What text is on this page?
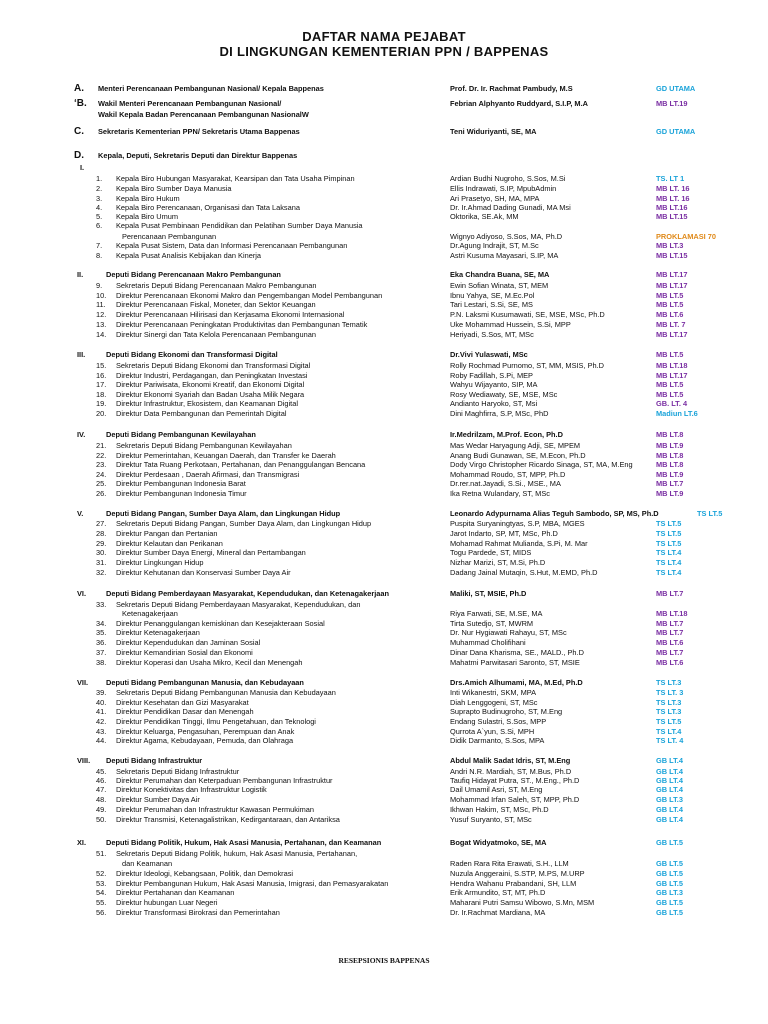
DAFTAR NAMA PEJABAT
DI LINGKUNGAN KEMENTERIAN PPN / BAPPENAS
A. Menteri Perencanaan Pembangunan Nasional/ Kepala Bappenas	Prof. Dr. Ir. Rachmat Pambudy, M.S	GD UTAMA
‘B. Wakil Menteri Perencanaan Pembangunan Nasional/	Febrian Alphyanto Ruddyard, S.I.P, M.A	MB LT.19
Wakil Kepala Badan Perencanaan Pembangunan NasionalW
C. Sekretaris Kementerian PPN/ Sekretaris Utama Bappenas	Teni Widuriyanti, SE, MA	GD UTAMA
D. Kepala, Deputi, Sekretaris Deputi dan Direktur Bappenas
I.
1. Kepala Biro Hubungan Masyarakat, Kearsipan dan Tata Usaha Pimpinan	Ardian Budhi Nugroho, S.Sos, M.Si	TS. LT 1
2. Kepala Biro Sumber Daya Manusia	Ellis Indrawati, S.IP, MpubAdmin	MB LT. 16
3. Kepala Biro Hukum	Ari Prasetyo, SH, MA, MPA	MB LT. 16
4. Kepala Biro Perencanaan, Organisasi dan Tata Laksana	Dr. Ir.Ahmad Dading Gunadi, MA Msi	MB LT.16
5. Kepala Biro Umum	Oktorika, SE.Ak, MM	MB LT.15
6. Kepala Pusat Pembinaan Pendidikan dan Pelatihan Sumber Daya Manusia
Perencanaan Pembangunan	Wignyo Adiyoso, S.Sos, MA, Ph.D	PROKLAMASI 70
7. Kepala Pusat Sistem, Data dan Informasi Perencanaan Pembangunan	Dr.Agung Indrajit, ST, M.Sc	MB LT.3
8. Kepala Pusat Analisis Kebijakan dan Kinerja	Astri Kusuma Mayasari, S.IP, MA	MB LT.15
II.	Deputi Bidang Perencanaan Makro Pembangunan	Eka Chandra Buana, SE, MA	MB LT.17
9. Sekretaris Deputi Bidang Perencanaan Makro Pembangunan	Ewin Sofian Winata, ST, MEM	MB LT.17
10. Direktur Perencanaan Ekonomi Makro dan Pengembangan Model Pembangunan	Ibnu Yahya, SE, M.Ec.Pol	MB LT.5
11. Direktur Perencanaan Fiskal, Moneter, dan Sektor Keuangan	Tari Lestari, S.Si, SE, MS	MB LT.5
12. Direktur Perencanaan Hilirisasi dan Kerjasama Ekonomi Internasional	P.N. Laksmi Kusumawati, SE, MSE, MSc, Ph.D	MB LT.6
13. Direktur Perencanaan Peningkatan Produktivitas dan Pembangunan Tematik	Uke Mohammad Hussein, S.Si, MPP	MB LT. 7
14. Direktur Sinergi dan Tata Kelola Perencanaan Pembangunan	Heriyadi, S.Sos, MT, MSc	MB LT.17
III.	Deputi Bidang Ekonomi dan Transformasi Digital	Dr.Vivi Yulaswati, MSc	MB LT.5
15. Sekretaris Deputi Bidang Ekonomi dan Transformasi Digital	Rolly Rochmad Purnomo, ST, MM, MSIS, Ph.D	MB LT.18
16. Direktur Industri, Perdagangan, dan Peningkatan Investasi	Roby Fadillah, S.Pi, MEP	MB LT.17
17. Direktur Pariwisata, Ekonomi Kreatif, dan Ekonomi Digital	Wahyu Wijayanto, SIP, MA	MB LT.5
18. Direktur Ekonomi Syariah dan Badan Usaha Milik Negara	Rosy Wediawaty, SE, MSE, MSc	MB LT.5
19. Direktur Infrastruktur, Ekosistem, dan Keamanan Digital	Andianto Haryoko, ST, Msi	GB. LT. 4
20. Direktur Data Pembangunan dan Pemerintah Digital	Dini Maghfirra, S.P, MSc, PhD	Madiun LT.6
IV.	Deputi Bidang Pembangunan Kewilayahan	Ir.Medrilzam, M.Prof. Econ, Ph.D	MB LT.8
21. Sekretaris Deputi Bidang Pembangunan Kewilayahan	Mas Wedar Haryagung Adji, SE, MPEM	MB LT.9
22. Direktur Pemerintahan, Keuangan Daerah, dan Transfer ke Daerah	Anang Budi Gunawan, SE, M.Econ, Ph.D	MB LT.8
23. Direktur Tata Ruang Perkotaan, Pertahanan, dan Penanggulangan Bencana	Dody Virgo Christopher Ricardo Sinaga, ST, MA, M.Eng	MB LT.8
24. Direktur Perdesaan , Daerah Afirmasi, dan Transmigrasi	Mohammad Roudo, ST, MPP, Ph.D	MB LT.9
25. Direktur Pembangunan Indonesia Barat	Dr.rer.nat.Jayadi, S.Si., MSE., MA	MB LT.7
26. Direktur Pembangunan Indonesia Timur	Ika Retna Wulandary, ST, MSc	MB LT.9
V.	Deputi Bidang Pangan, Sumber Daya Alam, dan Lingkungan Hidup	Leonardo Adypurnama Alias Teguh Sambodo, SP, MS, Ph.D	TS LT.5
27. Sekretaris Deputi Bidang Pangan, Sumber Daya Alam, dan Lingkungan Hidup	Puspita Suryaningtyas, S.P, MBA, MGES	TS LT.5
28. Direktur Pangan dan Pertanian	Jarot Indarto, SP, MT, MSc, Ph.D	TS LT.5
29. Direktur Kelautan dan Perikanan	Mohamad Rahmat Mulianda, S.Pi, M. Mar	TS LT.5
30. Direktur Sumber Daya Energi, Mineral dan Pertambangan	Togu Pardede, ST, MIDS	TS LT.4
31. Direktur Lingkungan Hidup	Nizhar Marizi, ST, M.Si, Ph.D	TS LT.4
32. Direktur Kehutanan dan Konservasi Sumber Daya Air	Dadang Jainal Mutaqin, S.Hut, M.EMD, Ph.D	TS LT.4
VI.	Deputi Bidang Pemberdayaan Masyarakat, Kependudukan, dan Ketenagakerjaan	Maliki, ST, MSIE, Ph.D	MB LT.7
33. Sekretaris Deputi Bidang Pemberdayaan Masyarakat, Kependudukan, dan
Ketenagakerjaan	Riya Farwati, SE, M.SE, MA	MB LT.18
34. Direktur Penanggulangan kemiskinan dan Kesejakteraan Sosial	Tirta Sutedjo, ST, MWRM	MB LT.7
35. Direktur Ketenagakerjaan	Dr. Nur Hygiawati Rahayu, ST, MSc	MB LT.7
36. Direktur Kependudukan dan Jaminan Sosial	Muhammad Cholifihani	MB LT.6
37. Direktur Kemandirian Sosial dan Ekonomi	Dinar Dana Kharisma, SE., MALD., Ph.D	MB LT.7
38. Direktur Koperasi dan Usaha Mikro, Kecil dan Menengah	Mahatmi Parwitasari Saronto, ST, MSIE	MB LT.6
VII. Deputi Bidang Pembangunan Manusia, dan Kebudayaan	Drs.Amich Alhumami, MA, M.Ed, Ph.D	TS LT.3
39. Sekretaris Deputi Bidang Pembangunan Manusia dan Kebudayaan	Inti Wikanestri, SKM, MPA	TS LT. 3
40. Direktur Kesehatan dan Gizi Masyarakat	Diah Lenggogeni, ST, MSc	TS LT.3
41. Direktur Pendidikan Dasar dan Menengah	Suprapto Budinugroho, ST, M.Eng	TS LT.3
42. Direktur Pendidikan Tinggi, Ilmu Pengetahuan, dan Teknologi	Endang Sulastri, S.Sos, MPP	TS LT.5
43. Direktur Keluarga, Pengasuhan, Perempuan dan Anak	Qurrota A`yun, S.Si, MPH	TS LT.4
44. Direktur Agama, Kebudayaan, Pemuda, dan Olahraga	Didik Darmanto, S.Sos, MPA	TS LT. 4
VIII. Deputi Bidang Infrastruktur	Abdul Malik Sadat Idris, ST, M.Eng	GB LT.4
45. Sekretaris Deputi Bidang Infrastruktur	Andri N.R. Mardiah, ST, M.Bus, Ph.D	GB LT.4
46. Direktur Perumahan dan Keterpaduan Pembangunan Infrastruktur	Taufiq Hidayat Putra, ST., M.Eng., Ph.D	GB LT.4
47. Direktur Konektivitas dan Infrastruktur Logistik	Dail Umamil Asri, ST, M.Eng	GB LT.4
48. Direktur Sumber Daya Air	Mohammad Irfan Saleh, ST, MPP, Ph.D	GB LT.3
49. Direktur Perumahan dan Infrastruktur Kawasan Permukiman	Ikhwan Hakim, ST, MSc, Ph.D	GB LT.4
50. Direktur Transmisi, Ketenagalistrikan, Kedirgantaraan, dan Antariksa	Yusuf Suryanto, ST, MSc	GB LT.4
XI.	Deputi Bidang Politik, Hukum, Hak Asasi Manusia, Pertahanan, dan Keamanan	Bogat Widyatmoko, SE, MA	GB LT.5
51. Sekretaris Deputi Bidang Politik, hukum, Hak Asasi Manusia, Pertahanan,
dan Keamanan	Raden Rara Rita Erawati, S.H., LLM	GB LT.5
52. Direktur Ideologi, Kebangsaan, Politik, dan Demokrasi	Nuzula Anggeraini, S.STP, M.PS, M.URP	GB LT.5
53. Direktur Pembangunan Hukum, Hak Asasi Manusia, Imigrasi, dan Pemasyarakatan	Hendra Wahanu Prabandani, SH, LLM	GB LT.5
54. Direktur Pertahanan dan Keamanan	Erik Armundito, ST, MT, Ph.D	GB LT.3
55. Direktur hubungan Luar Negeri	Maharani Putri Samsu Wibowo, S.Mn, MSM	GB LT.5
56. Direktur Transformasi Birokrasi dan Pemerintahan	Dr. Ir.Rachmat Mardiana, MA	GB LT.5
RESEPSIONIS BAPPENAS
